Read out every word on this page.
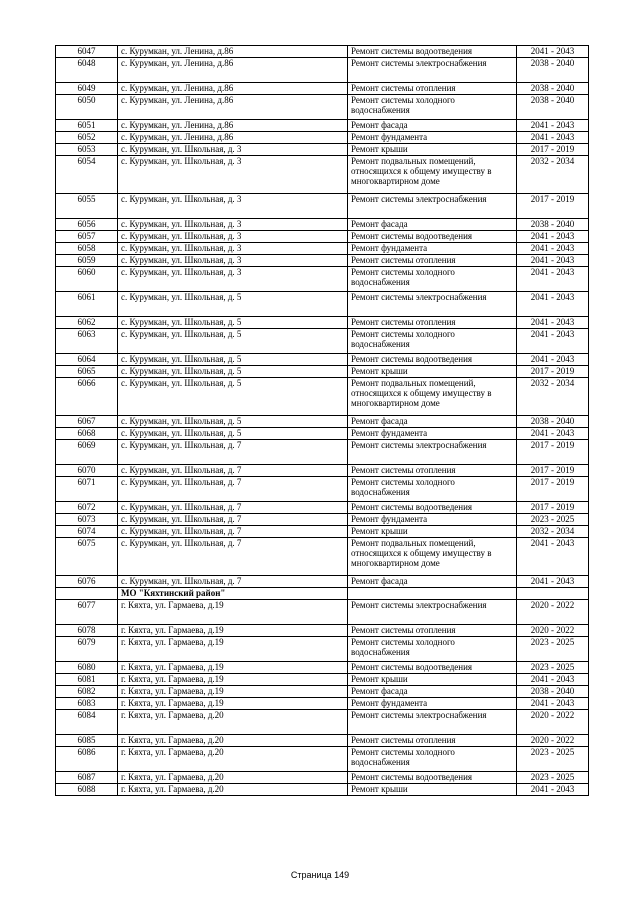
6047	с. Курумкан, ул. Ленина, д.86	Ремонт системы водоотведения	2041 - 2043
6048	с. Курумкан, ул. Ленина, д.86	Ремонт системы электроснабжения	2038 - 2040
6049	с. Курумкан, ул. Ленина, д.86	Ремонт системы отопления	2038 - 2040
6050	с. Курумкан, ул. Ленина, д.86	Ремонт системы холодного водоснабжения	2038 - 2040
6051	с. Курумкан, ул. Ленина, д.86	Ремонт фасада	2041 - 2043
6052	с. Курумкан, ул. Ленина, д.86	Ремонт фундамента	2041 - 2043
6053	с. Курумкан, ул. Школьная, д. 3	Ремонт крыши	2017 - 2019
6054	с. Курумкан, ул. Школьная, д. 3	Ремонт подвальных помещений, относящихся к общему имуществу в многоквартирном доме	2032 - 2034
6055	с. Курумкан, ул. Школьная, д. 3	Ремонт системы электроснабжения	2017 - 2019
6056	с. Курумкан, ул. Школьная, д. 3	Ремонт фасада	2038 - 2040
6057	с. Курумкан, ул. Школьная, д. 3	Ремонт системы водоотведения	2041 - 2043
6058	с. Курумкан, ул. Школьная, д. 3	Ремонт фундамента	2041 - 2043
6059	с. Курумкан, ул. Школьная, д. 3	Ремонт системы отопления	2041 - 2043
6060	с. Курумкан, ул. Школьная, д. 3	Ремонт системы холодного водоснабжения	2041 - 2043
6061	с. Курумкан, ул. Школьная, д. 5	Ремонт системы электроснабжения	2041 - 2043
6062	с. Курумкан, ул. Школьная, д. 5	Ремонт системы отопления	2041 - 2043
6063	с. Курумкан, ул. Школьная, д. 5	Ремонт системы холодного водоснабжения	2041 - 2043
6064	с. Курумкан, ул. Школьная, д. 5	Ремонт системы водоотведения	2041 - 2043
6065	с. Курумкан, ул. Школьная, д. 5	Ремонт крыши	2017 - 2019
6066	с. Курумкан, ул. Школьная, д. 5	Ремонт подвальных помещений, относящихся к общему имуществу в многоквартирном доме	2032 - 2034
6067	с. Курумкан, ул. Школьная, д. 5	Ремонт фасада	2038 - 2040
6068	с. Курумкан, ул. Школьная, д. 5	Ремонт фундамента	2041 - 2043
6069	с. Курумкан, ул. Школьная, д. 7	Ремонт системы электроснабжения	2017 - 2019
6070	с. Курумкан, ул. Школьная, д. 7	Ремонт системы отопления	2017 - 2019
6071	с. Курумкан, ул. Школьная, д. 7	Ремонт системы холодного водоснабжения	2017 - 2019
6072	с. Курумкан, ул. Школьная, д. 7	Ремонт системы водоотведения	2017 - 2019
6073	с. Курумкан, ул. Школьная, д. 7	Ремонт фундамента	2023 - 2025
6074	с. Курумкан, ул. Школьная, д. 7	Ремонт крыши	2032 - 2034
6075	с. Курумкан, ул. Школьная, д. 7	Ремонт подвальных помещений, относящихся к общему имуществу в многоквартирном доме	2041 - 2043
6076	с. Курумкан, ул. Школьная, д. 7	Ремонт фасада	2041 - 2043
	МО "Кяхтинский район"		
6077	г. Кяхта, ул. Гармаева, д.19	Ремонт системы электроснабжения	2020 - 2022
6078	г. Кяхта, ул. Гармаева, д.19	Ремонт системы отопления	2020 - 2022
6079	г. Кяхта, ул. Гармаева, д.19	Ремонт системы холодного водоснабжения	2023 - 2025
6080	г. Кяхта, ул. Гармаева, д.19	Ремонт системы водоотведения	2023 - 2025
6081	г. Кяхта, ул. Гармаева, д.19	Ремонт крыши	2041 - 2043
6082	г. Кяхта, ул. Гармаева, д.19	Ремонт фасада	2038 - 2040
6083	г. Кяхта, ул. Гармаева, д.19	Ремонт фундамента	2041 - 2043
6084	г. Кяхта, ул. Гармаева, д.20	Ремонт системы электроснабжения	2020 - 2022
6085	г. Кяхта, ул. Гармаева, д.20	Ремонт системы отопления	2020 - 2022
6086	г. Кяхта, ул. Гармаева, д.20	Ремонт системы холодного водоснабжения	2023 - 2025
6087	г. Кяхта, ул. Гармаева, д.20	Ремонт системы водоотведения	2023 - 2025
6088	г. Кяхта, ул. Гармаева, д.20	Ремонт крыши	2041 - 2043
Страница 149
